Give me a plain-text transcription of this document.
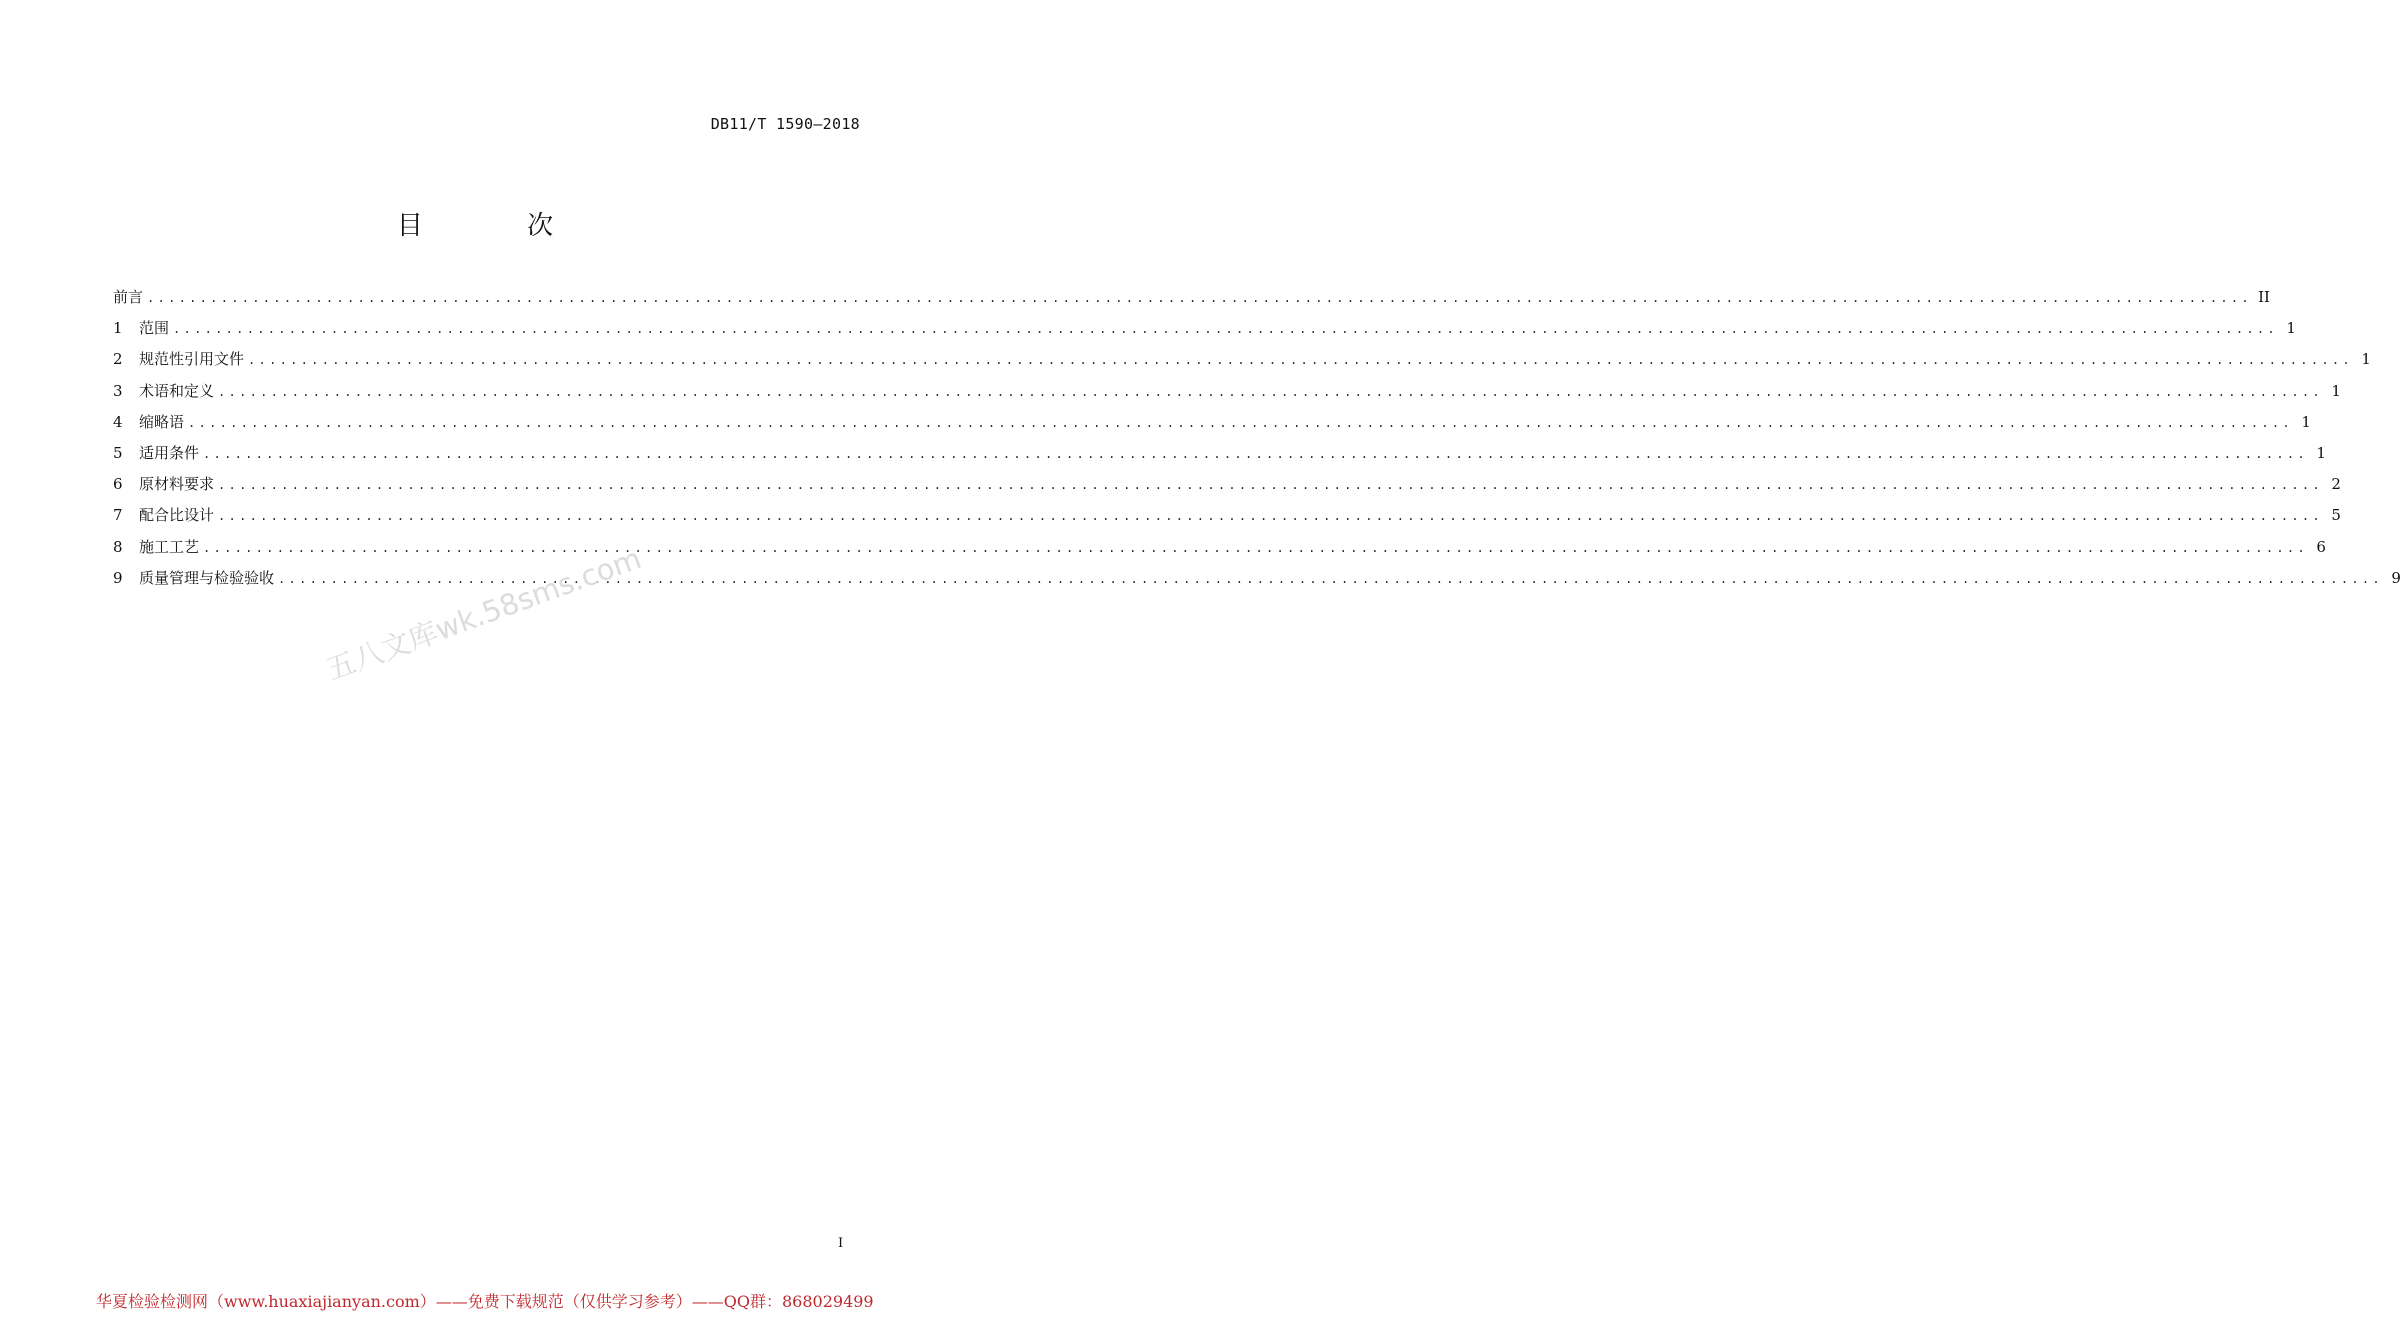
DB11/T 1590—2018
目 次
前言 ........................................................................................................................................................................................................ II
1	范围 ........................................................................................................................................................................................................ 1
2	规范性引用文件 ........................................................................................................................................................................................................ 1
3	术语和定义 ........................................................................................................................................................................................................ 1
4	缩略语 ........................................................................................................................................................................................................ 1
5	适用条件 ........................................................................................................................................................................................................ 1
6	原材料要求 ........................................................................................................................................................................................................ 2
7	配合比设计 ........................................................................................................................................................................................................ 5
8	施工工艺 ........................................................................................................................................................................................................ 6
9	质量管理与检验验收 ........................................................................................................................................................................................................ 9
五八文库wk.58sms.com
I
华夏检验检测网（www.huaxiajianyan.com）——免费下载规范（仅供学习参考）——QQ群：868029499
